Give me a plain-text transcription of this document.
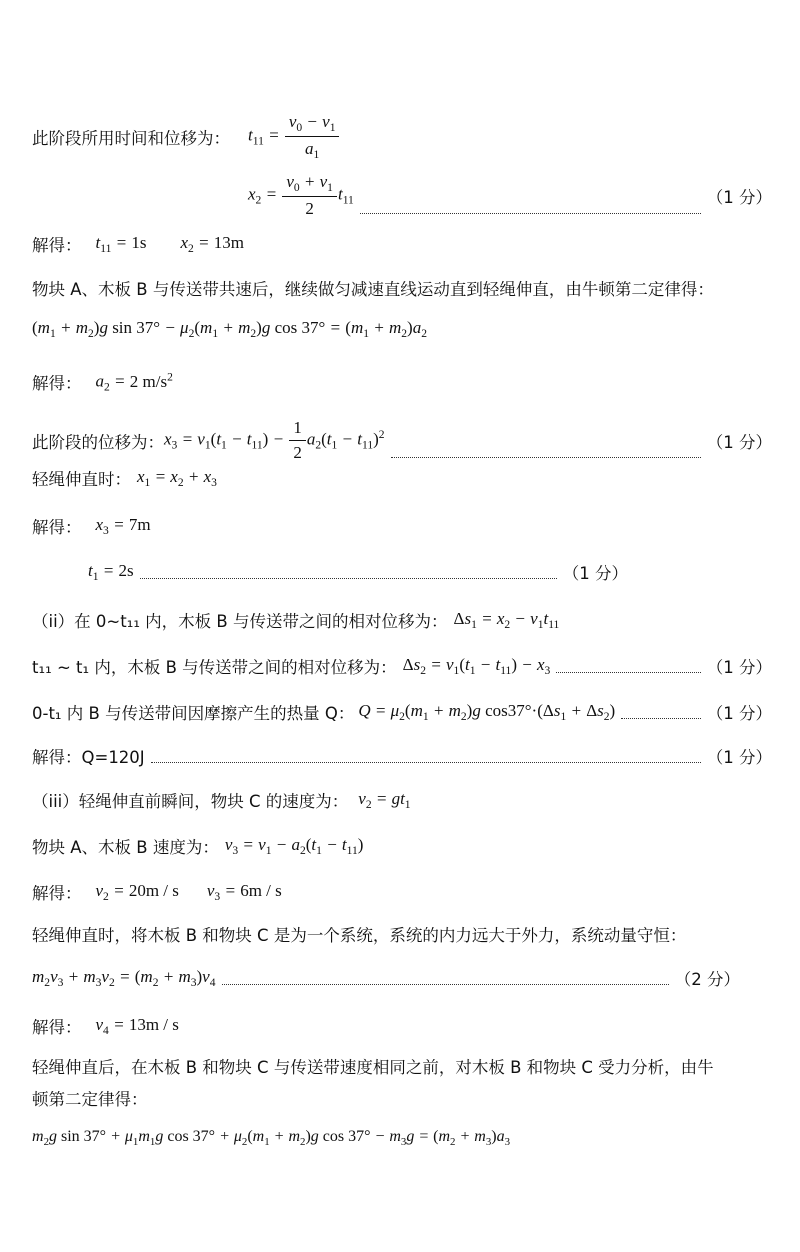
此阶段所用时间和位移为： $t_{11} = \frac{v_0 - v_1}{a_1}$
$x_2 = \frac{v_0 + v_1}{2} t_{11}$	（1 分）
解得： $t_{11} = 1s$ $x_2 = 13m$
物块 A、木板 B 与传送带共速后，继续做匀减速直线运动直到轻绳伸直，由牛顿第二定律得：
$(m_1 + m_2)g$ $\sin 37^\circ - \mu_2(m_1 + m_2)g$ $\cos 37^\circ = (m_1 + m_2)a_2$
解得： $a_2 = 2$ $m/s^2$
此阶段的位移为： $x_3 = v_1(t_1 - t_{11}) - \frac{1}{2} a_2(t_1 - t_{11})^2$	（1 分）
轻绳伸直时： $x_1 = x_2 + x_3$
解得： $x_3 = 7m$
$t_1 = 2s$	（1 分）
（ii）在 0~t₁₁ 内，木板 B 与传送带之间的相对位移为： $\Delta s_1 = x_2 - v_1t_{11}$
t₁₁ ~ t₁ 内，木板 B 与传送带之间的相对位移为： $\Delta s_2 = v_1(t_1 - t_{11}) - x_3$	（1 分）
0-t₁ 内 B 与传送带间因摩擦产生的热量 Q： $Q = \mu_2(m_1 + m_2)g$ $\cos 37^\circ\cdot(\Delta s_1 + \Delta s_2)$	（1 分）
解得：Q=120J	（1 分）
（iii）轻绳伸直前瞬间，物块 C 的速度为： $v_2 = gt_1$
物块 A、木板 B 速度为： $v_3 = v_1 - a_2(t_1 - t_{11})$
解得： $v_2 = 20m / s$ $v_3 = 6m / s$
轻绳伸直时，将木板 B 和物块 C 是为一个系统，系统的内力远大于外力，系统动量守恒：
$m_2v_3 + m_3v_2 = (m_2 + m_3)v_4$	（2 分）
解得： $v_4 = 13m / s$
轻绳伸直后，在木板 B 和物块 C 与传送带速度相同之前，对木板 B 和物块 C 受力分析，由牛
顿第二定律得：
$m_2g$ $\sin 37^\circ + \mu_1m_1g$ $\cos 37^\circ + \mu_2(m_1 + m_2)g$ $\cos 37^\circ - m_3g = (m_2 + m_3)a_3$
